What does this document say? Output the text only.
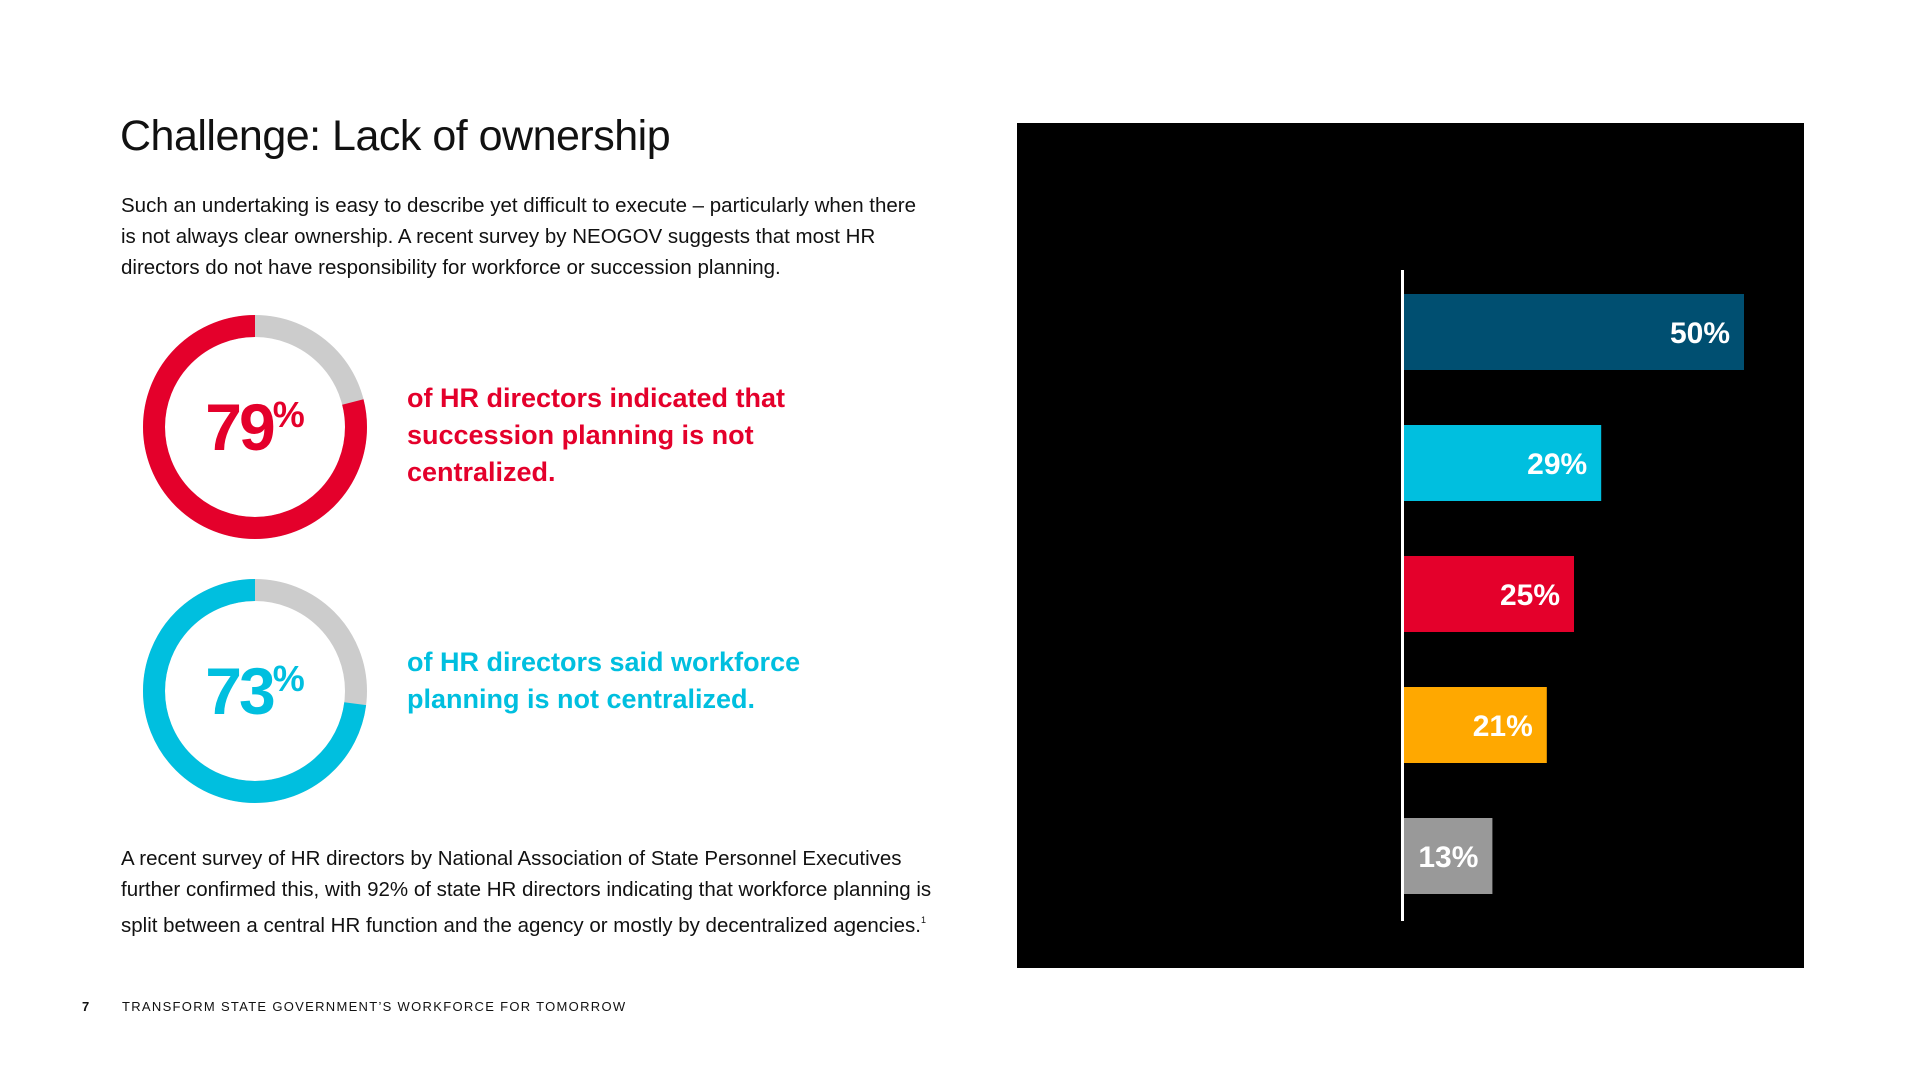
Challenge: Lack of ownership

Such an undertaking is easy to describe yet difficult to execute – particularly when there is not always clear ownership. A recent survey by NEOGOV suggests that most HR directors do not have responsibility for workforce or succession planning.

79 %	of HR directors indicated that succession planning is not centralized.

73 %	of HR directors said workforce planning is not centralized.

A recent survey of HR directors by National Association of State Personnel Executives further confirmed this, with 92% of state HR directors indicating that workforce planning is split between a central HR function and the agency or mostly by decentralized agencies.$^1$

50%
29%
25%
21%
13%
7 TRANSFORM STATE GOVERNMENT’S WORKFORCE FOR TOMORROW
